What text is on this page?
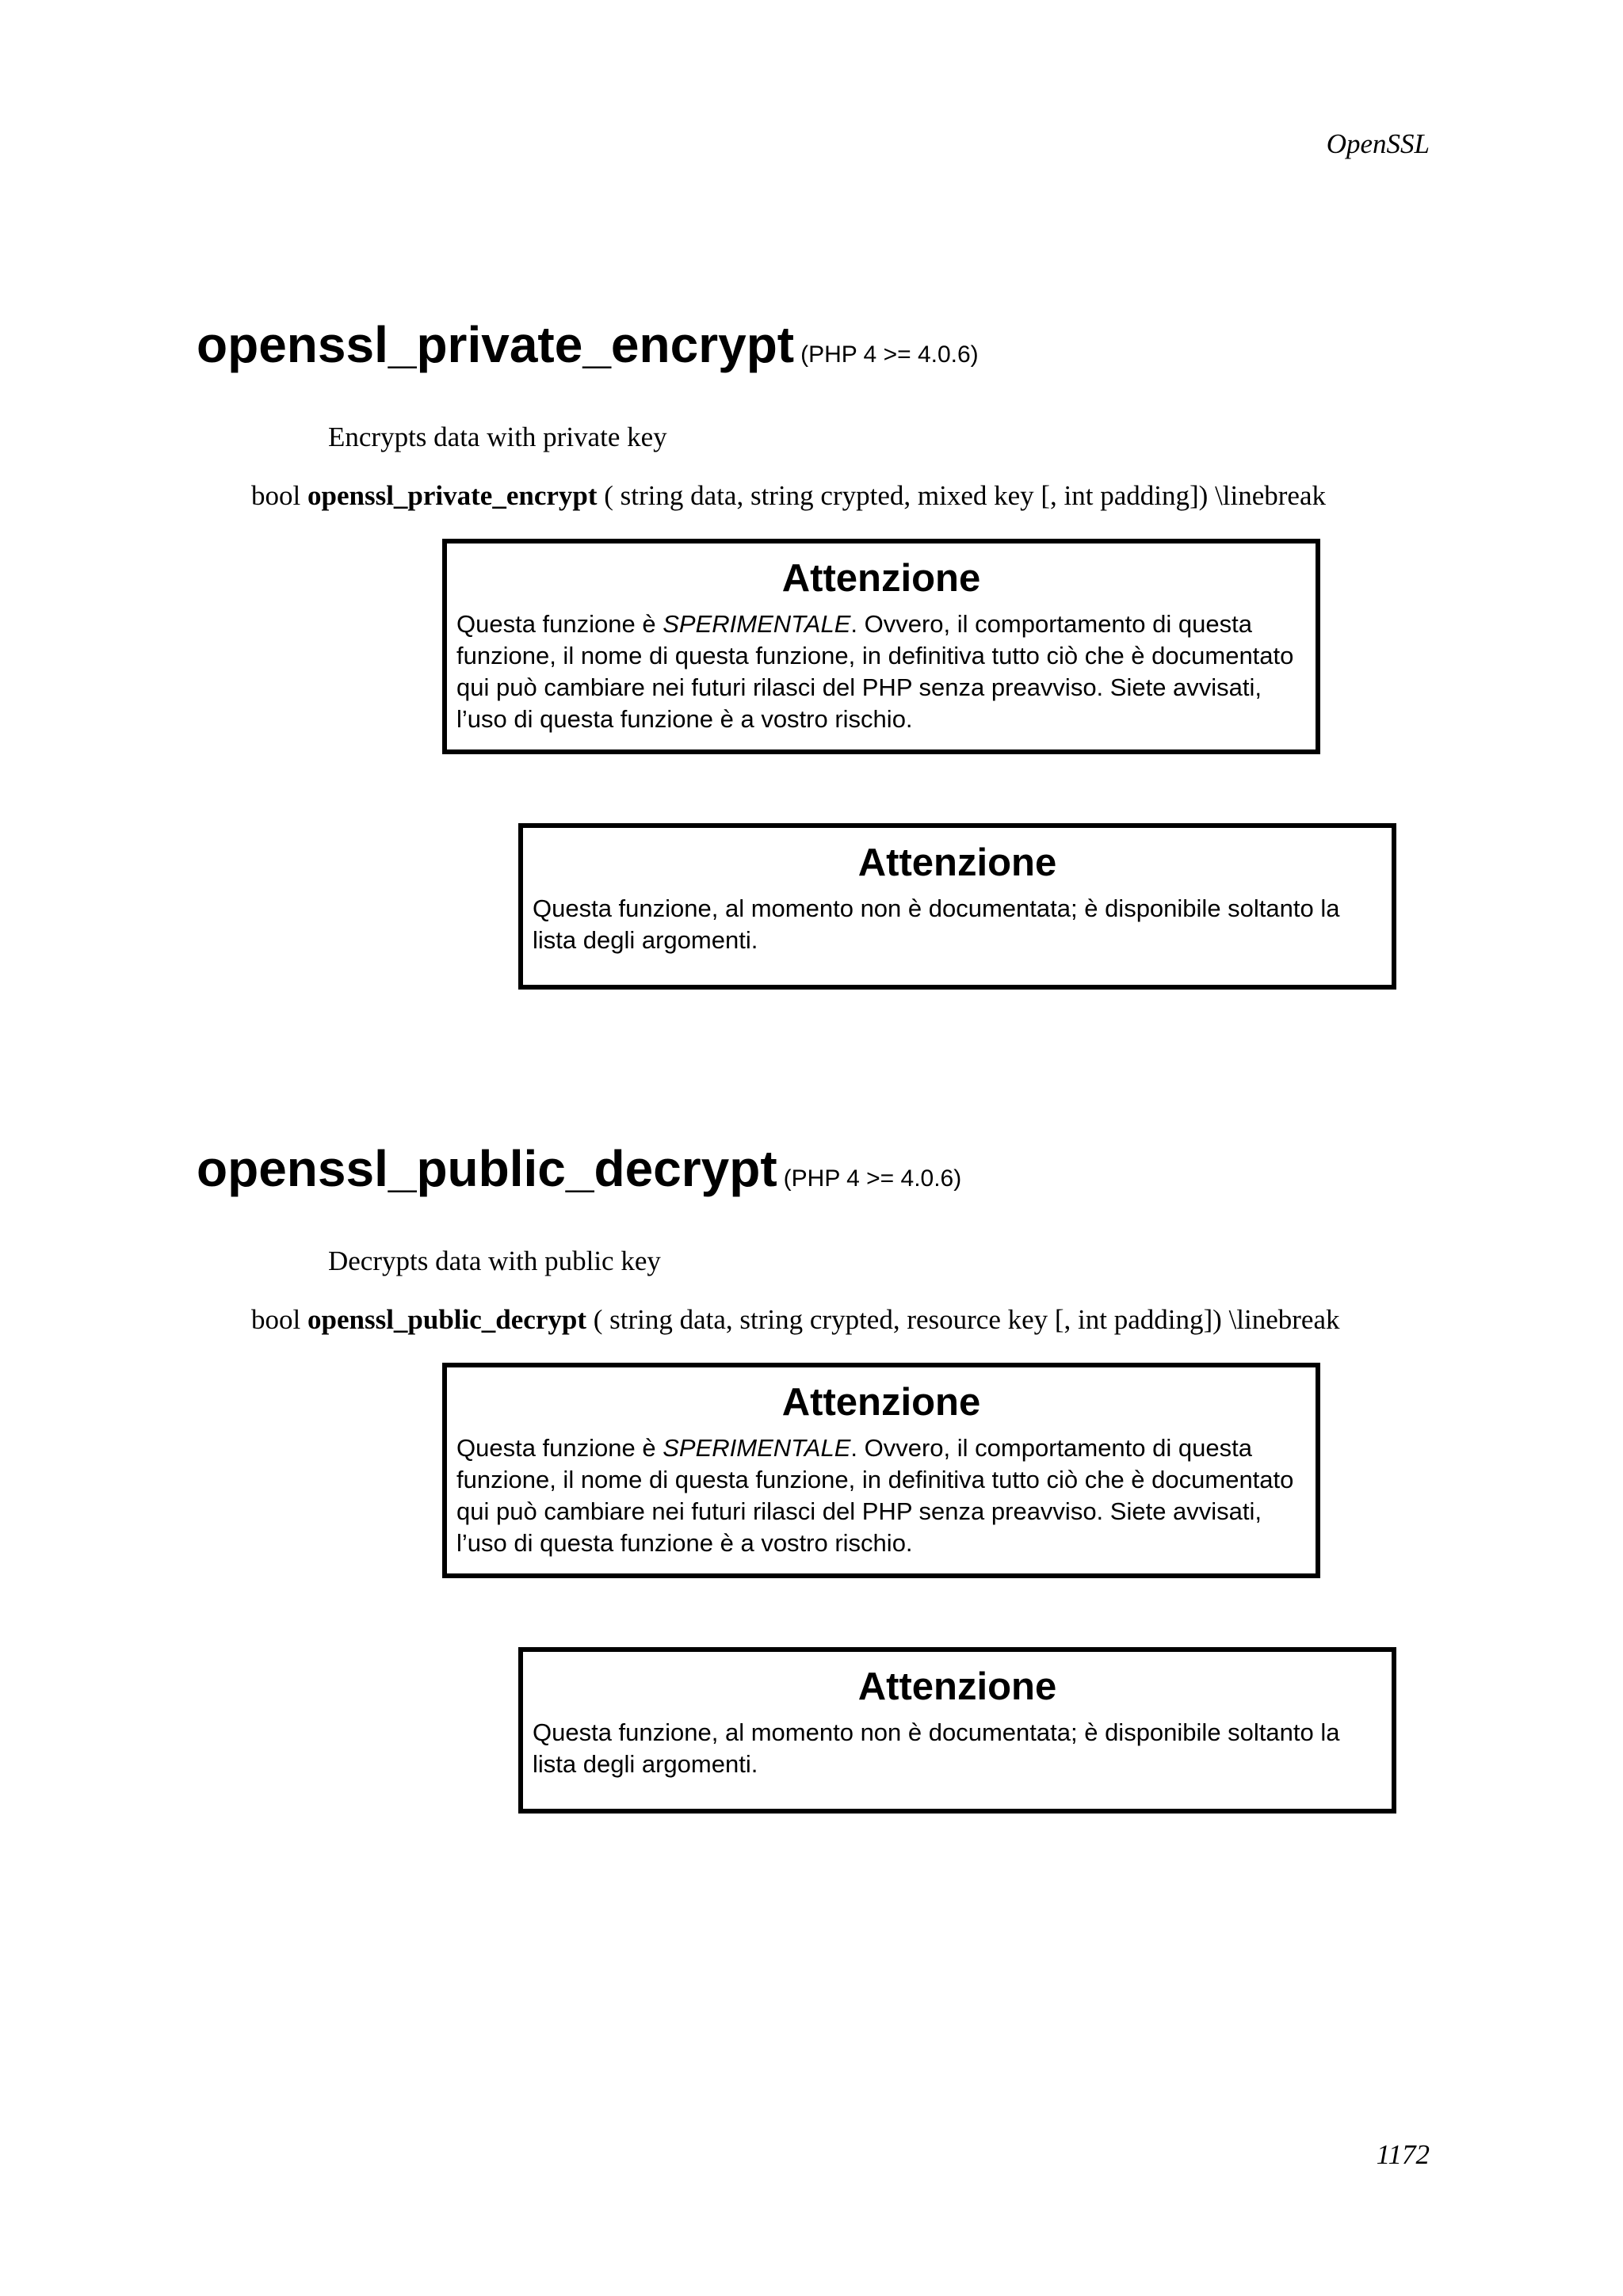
OpenSSL
openssl_private_encrypt (PHP 4 >= 4.0.6)
Encrypts data with private key
bool openssl_private_encrypt ( string data, string crypted, mixed key [, int padding]) \linebreak
Attenzione
Questa funzione è SPERIMENTALE. Ovvero, il comportamento di questa funzione, il nome di questa funzione, in definitiva tutto ciò che è documentato qui può cambiare nei futuri rilasci del PHP senza preavviso. Siete avvisati, l’uso di questa funzione è a vostro rischio.
Attenzione
Questa funzione, al momento non è documentata; è disponibile soltanto la lista degli argomenti.
openssl_public_decrypt (PHP 4 >= 4.0.6)
Decrypts data with public key
bool openssl_public_decrypt ( string data, string crypted, resource key [, int padding]) \linebreak
Attenzione
Questa funzione è SPERIMENTALE. Ovvero, il comportamento di questa funzione, il nome di questa funzione, in definitiva tutto ciò che è documentato qui può cambiare nei futuri rilasci del PHP senza preavviso. Siete avvisati, l’uso di questa funzione è a vostro rischio.
Attenzione
Questa funzione, al momento non è documentata; è disponibile soltanto la lista degli argomenti.
1172
